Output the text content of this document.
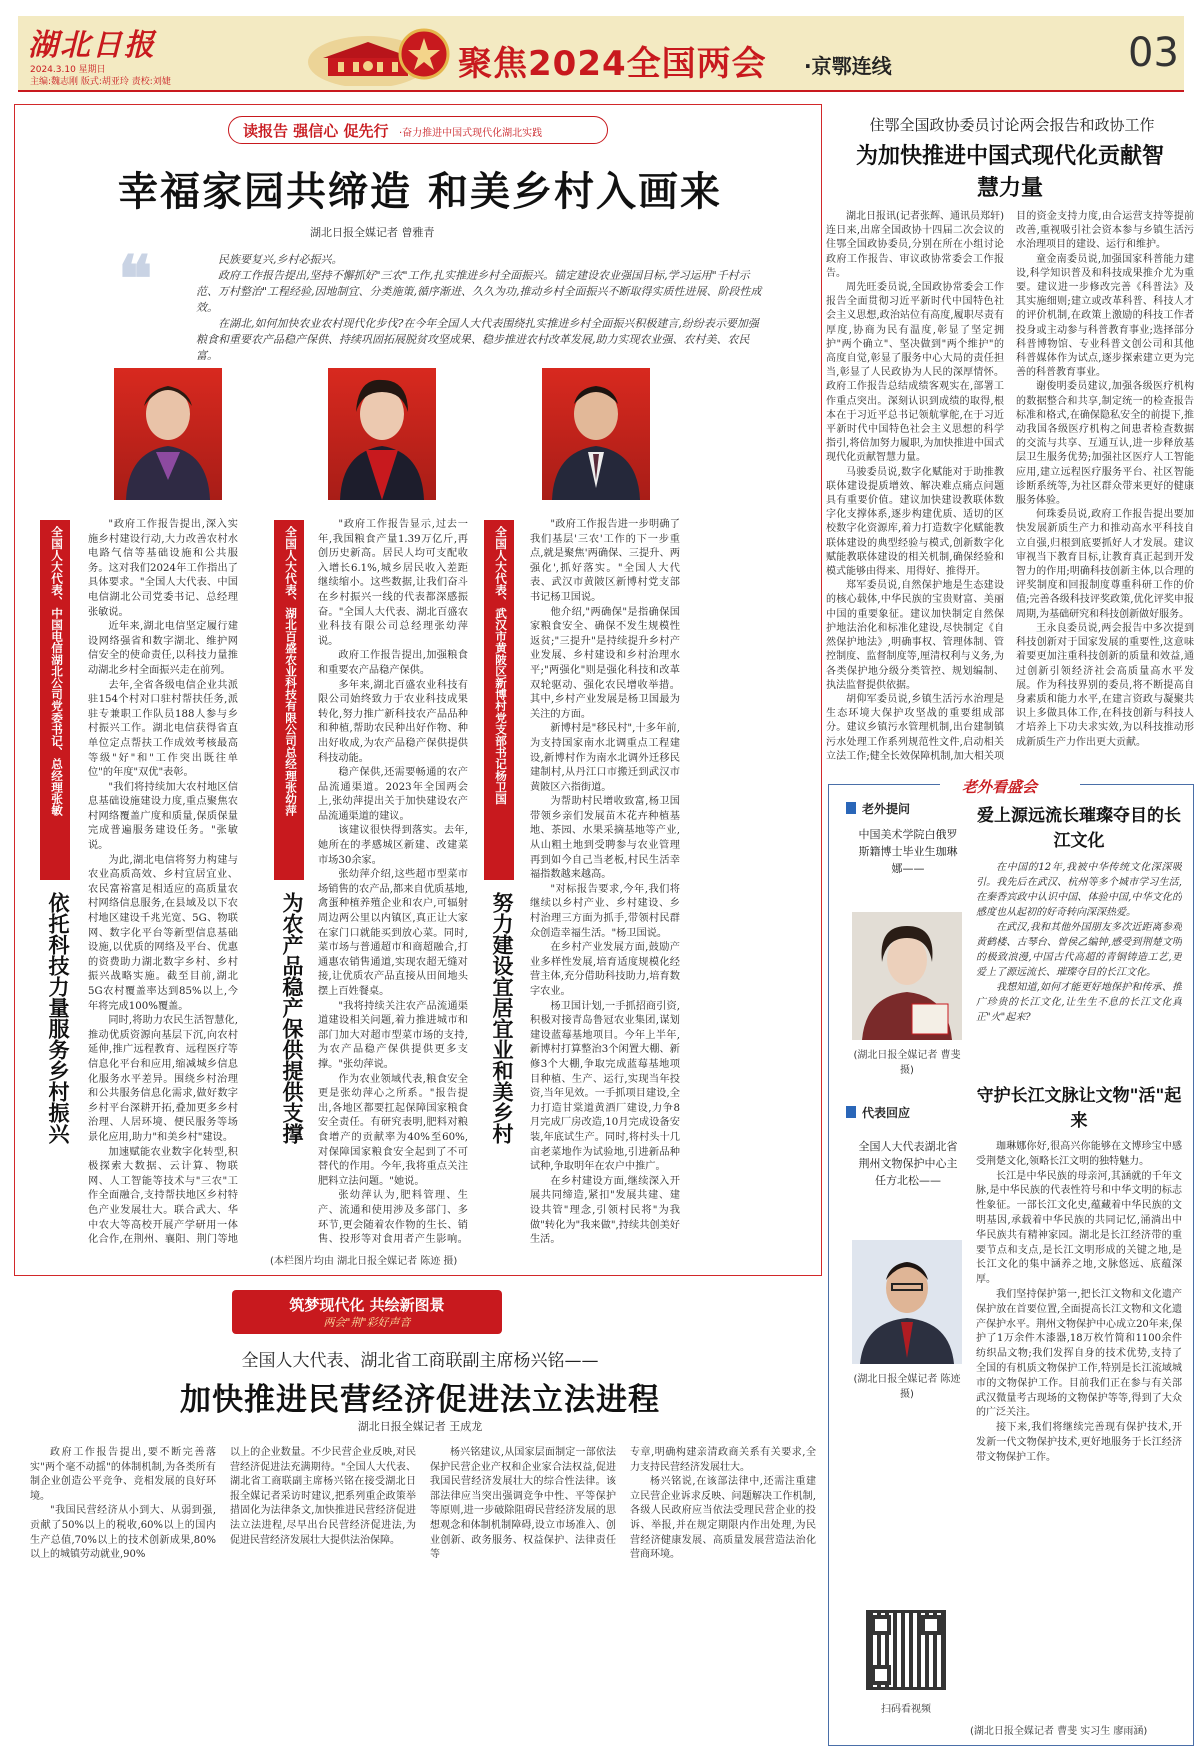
湖北日报
2024.3.10 星期日
主编:魏志刚 版式:胡亚玲 责校:刘婕	聚焦2024全国两会 ·京鄂连线	03
读报告 强信心 促先行 ·奋力推进中国式现代化湖北实践
幸福家园共缔造 和美乡村入画来
湖北日报全媒记者 曾雅青
❝	民族要复兴,乡村必振兴。

政府工作报告提出,坚持不懈抓好"三农"工作,扎实推进乡村全面振兴。锚定建设农业强国目标,学习运用"千村示范、万村整治"工程经验,因地制宜、分类施策,循序渐进、久久为功,推动乡村全面振兴不断取得实质性进展、阶段性成效。

在湖北,如何加快农业农村现代化步伐?在今年全国人大代表围绕扎实推进乡村全面振兴积极建言,纷纷表示要加强粮食和重要农产品稳产保供、持续巩固拓展脱贫攻坚成果、稳步推进农村改革发展,助力实现农业强、农村美、农民富。

全国人大代表、中国电信湖北公司党委书记、总经理张敏
依托科技力量服务乡村振兴

"政府工作报告提出,深入实施乡村建设行动,大力改善农村水电路气信等基础设施和公共服务。这对我们2024年工作指出了具体要求。"全国人大代表、中国电信湖北公司党委书记、总经理张敏说。

近年来,湖北电信坚定履行建设网络强省和数字湖北、维护网信安全的使命责任,以科技力量推动湖北乡村全面振兴走在前列。

去年,全省各级电信企业共派驻154个村对口驻村帮扶任务,派驻专兼职工作队员188人参与乡村振兴工作。湖北电信获得省直单位定点帮扶工作成效考核最高等级"好"和"工作突出既往单位"的年度"双优"表彰。

"我们将持续加大农村地区信息基础设施建设力度,重点聚焦农村网络覆盖广度和质量,保质保量完成普遍服务建设任务。"张敏说。

为此,湖北电信将努力构建与农业高质高效、乡村宜居宜业、农民富裕富足相适应的高质量农村网络信息服务,在县域及以下农村地区建设千兆光宽、5G、物联网、数字化平台等新型信息基础设施,以优质的网络及平台、优惠的资费助力湖北数字乡村、乡村振兴战略实施。截至目前,湖北5G农村覆盖率达到85%以上,今年将完成100%覆盖。

同时,将助力农民生活智慧化,推动优质资源向基层下沉,向农村延伸,推广远程教育、远程医疗等信息化平台和应用,缩减城乡信息化服务水平差异。围绕乡村治理和公共服务信息化需求,做好数字乡村平台深耕开拓,叠加更多乡村治理、人居环境、便民服务等场景化应用,助力"和美乡村"建设。

加速赋能农业数字化转型,积极探索大数据、云计算、物联网、人工智能等技术与"三农"工作全面融合,支持帮扶地区乡村特色产业发展壮大。联合武大、华中农大等高校开展产学研用一体化合作,在荆州、襄阳、荆门等地

全国人大代表、湖北百盛农业科技有限公司总经理张幼萍
为农产品稳产保供提供支撑

"政府工作报告显示,过去一年,我国粮食产量1.39万亿斤,再创历史新高。居民人均可支配收入增长6.1%,城乡居民收入差距继续缩小。这些数据,让我们奋斗在乡村振兴一线的代表都深感振奋。"全国人大代表、湖北百盛农业科技有限公司总经理张幼萍说。

政府工作报告提出,加强粮食和重要农产品稳产保供。

多年来,湖北百盛农业科技有限公司始终致力于农业科技成果转化,努力推广新科技农产品品种和种植,帮助农民种出好作物、种出好收成,为农产品稳产保供提供科技动能。

稳产保供,还需要畅通的农产品流通渠道。2023年全国两会上,张幼萍提出关于加快建设农产品流通渠道的建议。

该建议很快得到落实。去年,她所在的孝感城区新建、改建菜市场30余家。

张幼萍介绍,这些超市型菜市场销售的农产品,都来自优质基地,禽蛋种植养殖企业和农户,可辐射周边两公里以内镇区,真正让大家在家门口就能买到放心菜。同时,菜市场与普通超市和商超融合,打通惠农销售通道,实现农超无缝对接,让优质农产品直接从田间地头摆上百姓餐桌。

"我将持续关注农产品流通渠道建设相关问题,着力推进城市和部门加大对超市型菜市场的支持,为农产品稳产保供提供更多支撑。"张幼萍说。

作为农业领域代表,粮食安全更是张幼萍心之所系。"报告提出,各地区都要扛起保障国家粮食安全责任。有研究表明,肥料对粮食增产的贡献率为40%至60%,对保障国家粮食安全起到了不可替代的作用。今年,我将重点关注肥料立法问题。"她说。

张幼萍认为,肥料管理、生产、流通和使用涉及多部门、多环节,更会随着农作物的生长、销售、投形等对食用者产生影响。

全国人大代表、武汉市黄陂区新博村党支部书记杨卫国
努力建设宜居宜业和美乡村

"政府工作报告进一步明确了我们基层'三农'工作的下一步重点,就是聚焦'两确保、三提升、两强化',抓好落实。"全国人大代表、武汉市黄陂区新博村党支部书记杨卫国说。

他介绍,"两确保"是指确保国家粮食安全、确保不发生规模性返贫;"三提升"是持续提升乡村产业发展、乡村建设和乡村治理水平;"两强化"则是强化科技和改革双轮驱动、强化农民增收举措。其中,乡村产业发展是杨卫国最为关注的方面。

新博村是"移民村",十多年前,为支持国家南水北调重点工程建设,新博村作为南水北调外迁移民建制村,从丹江口市搬迁到武汉市黄陂区六指街道。

为帮助村民增收致富,杨卫国带领乡亲们发展苗木花卉种植基地、茶园、水果采摘基地等产业,从山粗土地到受聘参与农业管理再到如今自己当老板,村民生活幸福指数越来越高。

"对标报告要求,今年,我们将继续以乡村产业、乡村建设、乡村治理三方面为抓手,带领村民群众创造幸福生活。"杨卫国说。

在乡村产业发展方面,鼓励产业多样性发展,培育适度规模化经营主体,充分借助科技助力,培育数字农业。

杨卫国计划,一手抓招商引资,积极对接青岛鲁冠农业集团,谋划建设蓝莓基地项目。今年上半年,新博村打算整治3个闲置大棚、新修3个大棚,争取完成蓝莓基地项目种植、生产、运行,实现当年投资,当年见效。一手抓项目建设,全力打造甘棠道黄酒厂建设,力争8月完成厂房改造,10月完成设备安装,年底试生产。同时,将村头十几亩老菜地作为试验地,引进新品种试种,争取明年在农户中推广。

在乡村建设方面,继续深入开展共同缔造,紧扣"发展共建、建设共管"理念,引领村民将"为我做"转化为"我来做",持续共创美好生活。

(本栏图片均由 湖北日报全媒记者 陈迹 摄)
住鄂全国政协委员讨论两会报告和政协工作
为加快推进中国式现代化贡献智慧力量

湖北日报讯(记者张辉、通讯员郑轩)连日来,出席全国政协十四届二次会议的住鄂全国政协委员,分别在所在小组讨论政府工作报告、审议政协常委会工作报告。

周先旺委员说,全国政协常委会工作报告全面贯彻习近平新时代中国特色社会主义思想,政治站位有高度,履职尽责有厚度,协商为民有温度,彰显了坚定拥护"两个确立"、坚决做到"两个维护"的高度自觉,彰显了服务中心大局的责任担当,彰显了人民政协为人民的深厚情怀。政府工作报告总结成绩客观实在,部署工作重点突出。深刻认识到成绩的取得,根本在于习近平总书记领航掌舵,在于习近平新时代中国特色社会主义思想的科学指引,将倍加努力履职,为加快推进中国式现代化贡献智慧力量。

马骏委员说,数字化赋能对于助推教联体建设提质增效、解决难点痛点问题具有重要价值。建议加快建设教联体数字化支撑体系,逐步构建优质、适切的区校数字化资源库,着力打造数字化赋能教联体建设的典型经验与模式,创新数字化赋能教联体建设的相关机制,确保经验和模式能够由得来、用得好、推得开。

郑军委员说,自然保护地是生态建设的核心载体,中华民族的宝贵财富、美丽中国的重要象征。建议加快制定自然保护地法治化和标准化建设,尽快制定《自然保护地法》,明确事权、管理体制、管控制度、监督制度等,厘清权利与义务,为各类保护地分级分类管控、规划编制、执法监督提供依据。

胡仰军委员说,乡镇生活污水治理是生态环境大保护攻坚战的重要组成部分。建议乡镇污水管理机制,出台建制镇污水处理工作系列规范性文件,启动相关立法工作;健全长效保障机制,加大相关项目的资金支持力度,由合运营支持等提前改善,重视吸引社会资本参与乡镇生活污水治理项目的建设、运行和维护。

童金南委员说,加强国家科普能力建设,科学知识普及和科技成果推介尤为重要。建议进一步修改完善《科普法》及其实施细则;建立或改革科普、科技人才的评价机制,在政策上激励的科技工作者投身或主动参与科普教育事业;选择部分科普博物馆、专业科普文创公司和其他科普媒体作为试点,逐步探索建立更为完善的科普教育事业。

谢俊明委员建议,加强各级医疗机构的数据整合和共享,制定统一的检查报告标准和格式,在确保隐私安全的前提下,推动我国各级医疗机构之间患者检查数据的交流与共享、互通互认,进一步释放基层卫生服务优势;加强社区医疗人工智能应用,建立远程医疗服务平台、社区智能诊断系统等,为社区群众带来更好的健康服务体验。

何珠委员说,政府工作报告提出要加快发展新质生产力和推动高水平科技自立自强,归根到底要抓好人才发展。建议审视当下教育目标,让教育真正起到开发智力的作用;明确科技创新主体,以合理的评奖制度和回报制度尊重科研工作的价值;完善各级科技评奖政策,优化评奖申报周期,为基础研究和科技创新做好服务。

王永良委员说,两会报告中多次提到科技创新对于国家发展的重要性,这意味着要更加注重科技创新的质量和效益,通过创新引领经济社会高质量高水平发展。作为科技界别的委员,将不断提高自身素质和能力水平,在建言资政与凝聚共识上多做具体工作,在科技创新与科技人才培养上下功夫求实效,为以科技推动形成新质生产力作出更大贡献。

老外看盛会
老外提问
中国美术学院白俄罗斯籍博士毕业生珈琳娜——
(湖北日报全媒记者 曹斐 摄)
爱上源远流长璀璨夺目的长江文化

在中国的12年,我被中华传统文化深深吸引。我先后在武汉、杭州等多个城市学习生活,在秦香宾政中认识中国、体验中国,中华文化的感度也从起初的好奇转向深深热爱。

在武汉,我和其他外国朋友多次近距离参观黄鹤楼、古琴台、曾侯乙编钟,感受到荆楚文明的极致浪漫,中国古代高超的青铜铸造工艺,更爱上了源远流长、璀璨夺目的长江文化。

我想知道,如何才能更好地保护和传承、推广珍贵的长江文化,让生生不息的长江文化真正"火"起来?

代表回应
全国人大代表湖北省荆州文物保护中心主任方北松——
(湖北日报全媒记者 陈迹 摄)
守护长江文脉让文物"活"起来

珈琳娜你好,很高兴你能够在文博珍宝中感受荆楚文化,领略长江文明的独特魅力。

长江是中华民族的母亲河,其涵就的千年文脉,是中华民族的代表性符号和中华文明的标志性象征。一部长江文化史,蕴藏着中华民族的文明基因,承载着中华民族的共同记忆,涌淌出中华民族共有精神家园。湖北是长江经济带的重要节点和支点,是长江文明形成的关键之地,是长江文化的集中涵养之地,文脉悠远、底蕴深厚。

我们坚持保护第一,把长江文物和文化遗产保护放在首要位置,全面提高长江文物和文化遗产保护水平。荆州文物保护中心成立20年来,保护了1万余件木漆器,18万枚竹简和1100余件纺织品文物;我们发挥自身的技术优势,支持了全国的有机质文物保护工作,特别是长江流域城市的文物保护工作。目前我们正在参与有关部武汉微量考古现场的文物保护等等,得到了大众的广泛关注。

接下来,我们将继续完善现有保护技术,开发新一代文物保护技术,更好地服务于长江经济带文物保护工作。

扫码看视频
(湖北日报全媒记者 曹斐 实习生 廖雨涵)
筑梦现代化 共绘新图景
两会"荆"彩好声音
全国人大代表、湖北省工商联副主席杨兴铭——
加快推进民营经济促进法立法进程
湖北日报全媒记者 王成龙

政府工作报告提出,要不断完善落实"两个毫不动摇"的体制机制,为各类所有制企业创造公平竞争、竞相发展的良好环境。

"我国民营经济从小到大、从弱到强,贡献了50%以上的税收,60%以上的国内生产总值,70%以上的技术创新成果,80%以上的城镇劳动就业,90%

以上的企业数量。不少民营企业反映,对民营经济促进法充满期待。"全国人大代表、湖北省工商联副主席杨兴铭在接受湖北日报全媒记者采访时建议,把系列重企政策举措固化为法律条文,加快推进民营经济促进法立法进程,尽早出台民营经济促进法,为促进民营经济发展壮大提供法治保障。

杨兴铭建议,从国家层面制定一部依法保护民营企业产权和企业家合法权益,促进我国民营经济发展壮大的综合性法律。该部法律应当突出强调竞争中性、平等保护等原则,进一步破除阻碍民营经济发展的思想观念和体制机制障碍,设立市场准入、创业创新、政务服务、权益保护、法律责任等

专章,明确构建亲清政商关系有关要求,全力支持民营经济发展壮大。

杨兴铭说,在该部法律中,还需注重建立民营企业诉求反映、问题解决工作机制,各级人民政府应当依法受理民营企业的投诉、举报,并在规定期限内作出处理,为民营经济健康发展、高质量发展营造法治化营商环境。
